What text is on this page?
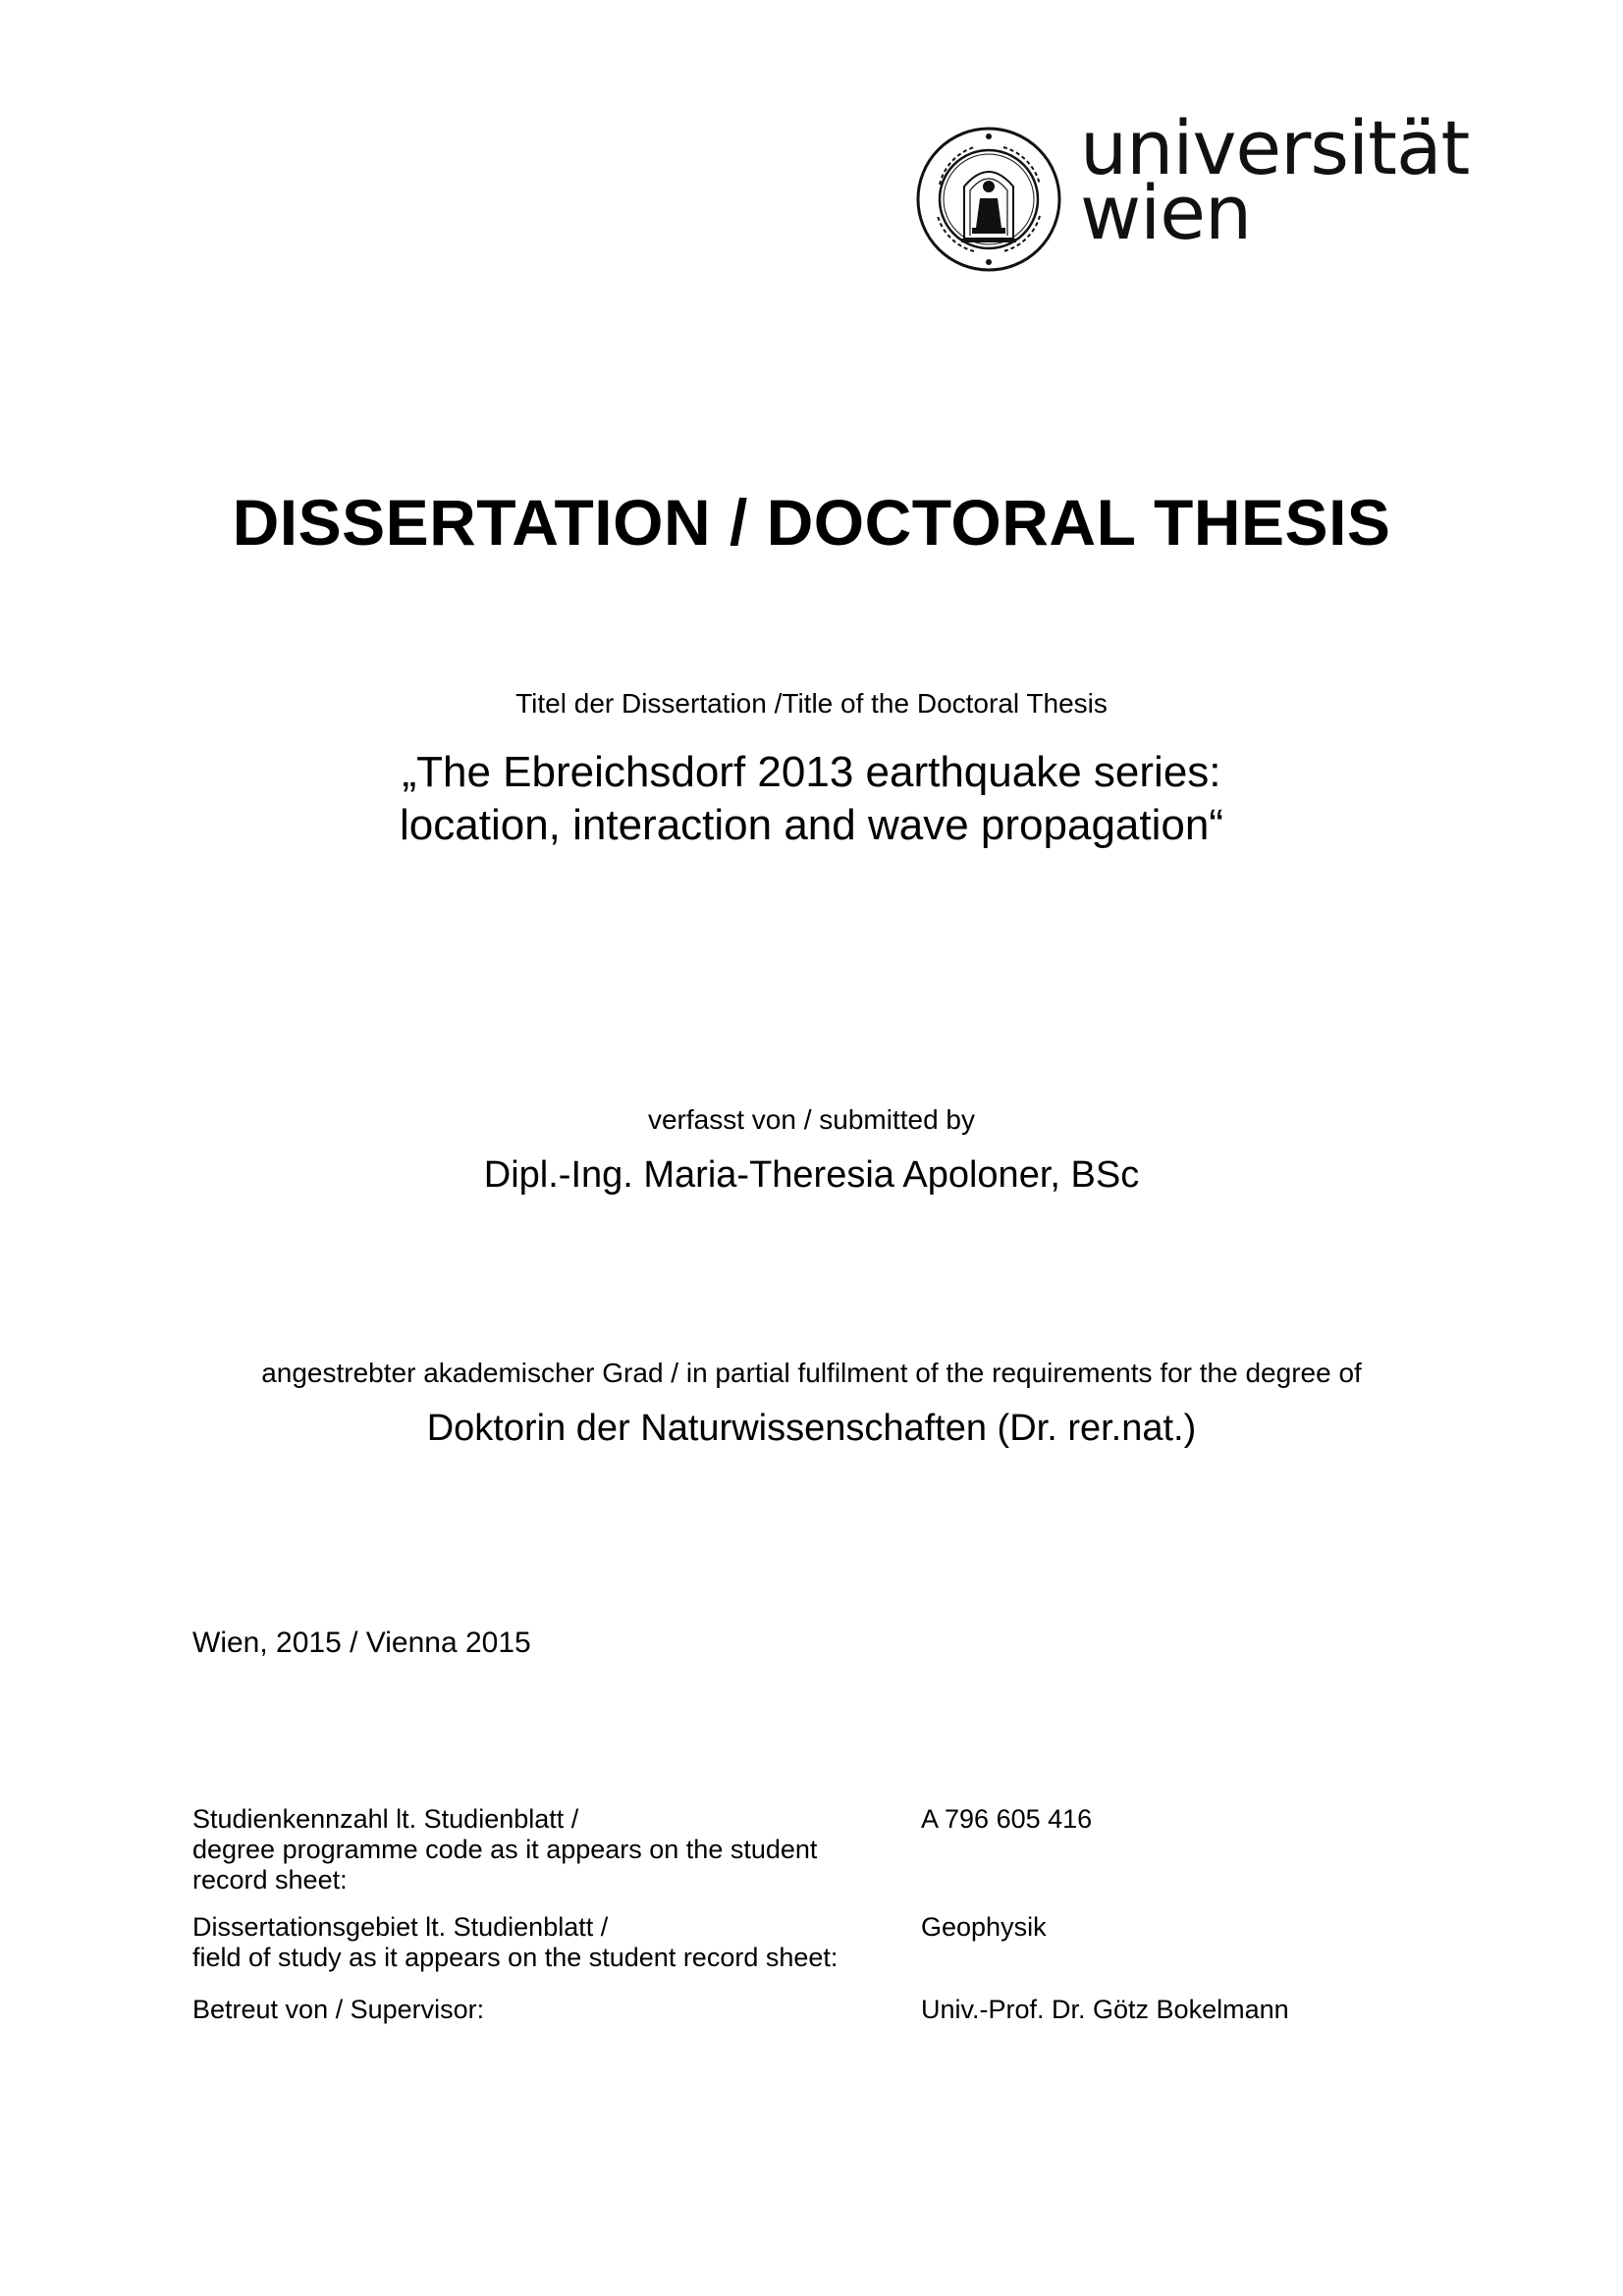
universität
wien
DISSERTATION / DOCTORAL THESIS
Titel der Dissertation /Title of the Doctoral Thesis
„The Ebreichsdorf 2013 earthquake series:
location, interaction and wave propagation“
verfasst von / submitted by
Dipl.-Ing. Maria-Theresia Apoloner, BSc
angestrebter akademischer Grad / in partial fulfilment of the requirements for the degree of
Doktorin der Naturwissenschaften (Dr. rer.nat.)
Wien, 2015 / Vienna 2015
Studienkennzahl lt. Studienblatt /
degree programme code as it appears on the student
record sheet:
A 796 605 416
Dissertationsgebiet lt. Studienblatt /
field of study as it appears on the student record sheet:
Geophysik
Betreut von / Supervisor:	Univ.-Prof. Dr. Götz Bokelmann
